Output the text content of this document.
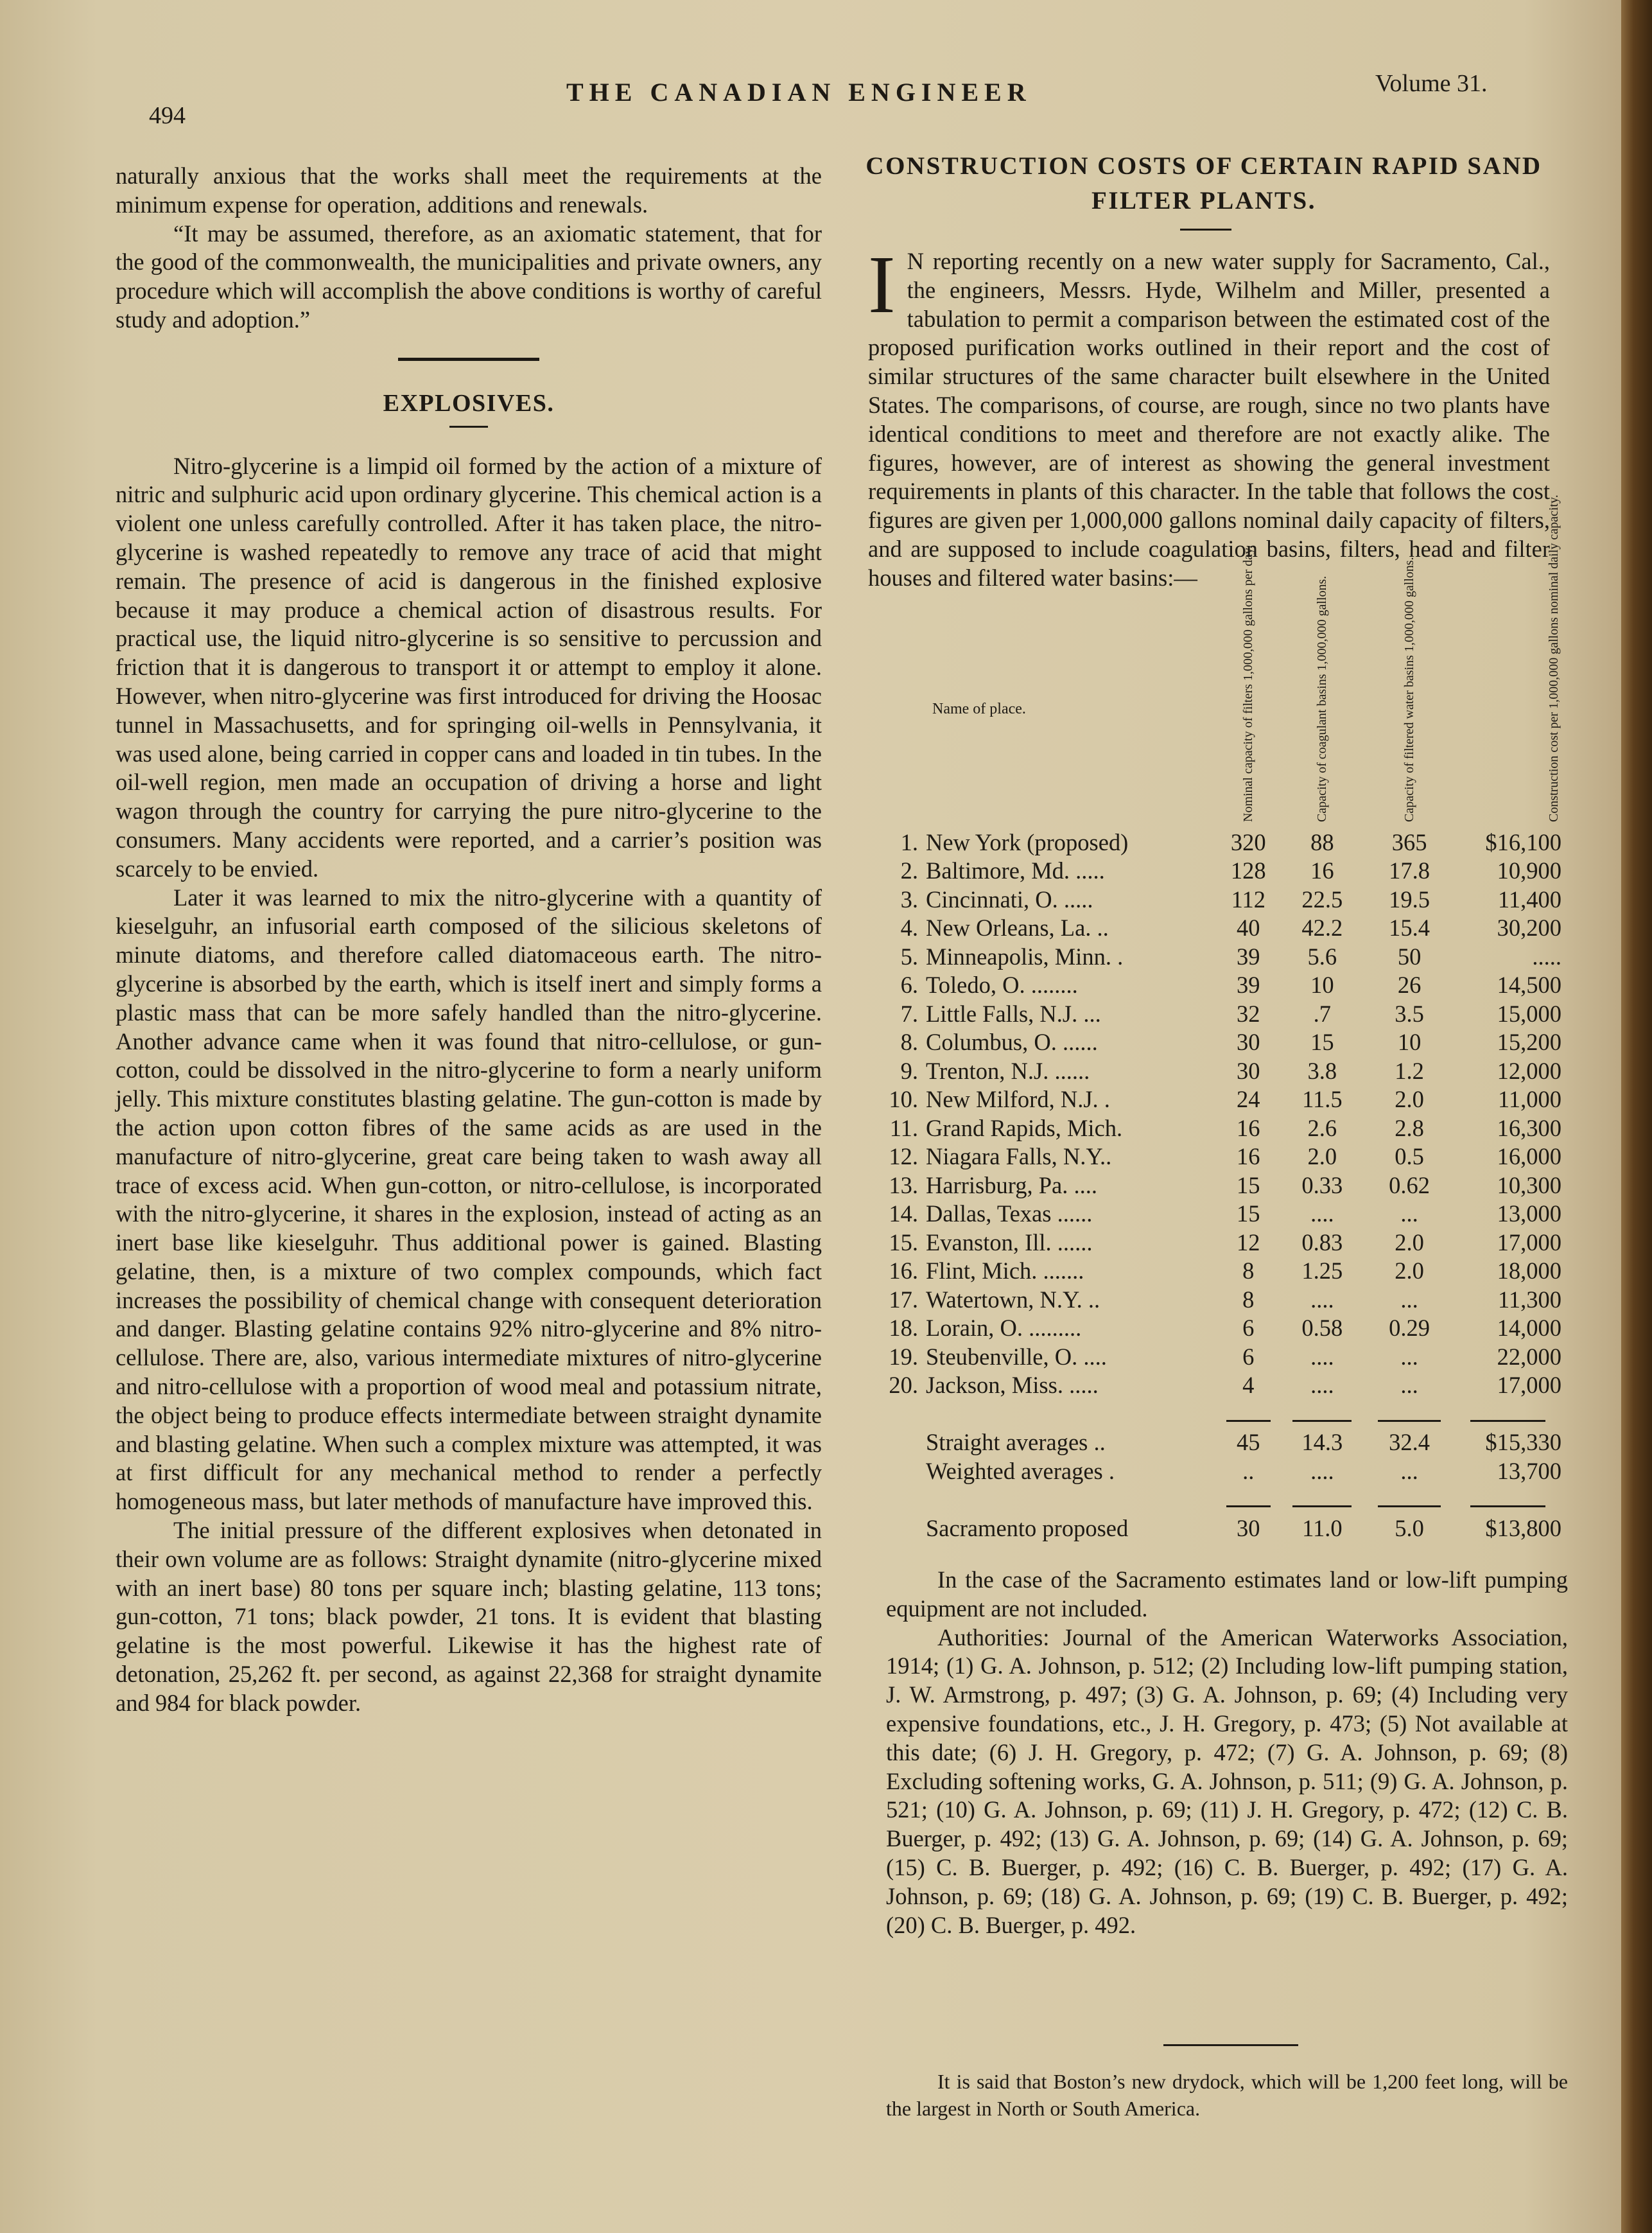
494
THE CANADIAN ENGINEER	Volume 31.

naturally anxious that the works shall meet the requirements at the minimum expense for operation, additions and renewals.

“It may be assumed, therefore, as an axiomatic statement, that for the good of the commonwealth, the municipalities and private owners, any procedure which will accomplish the above conditions is worthy of careful study and adoption.”

EXPLOSIVES.

Nitro-glycerine is a limpid oil formed by the action of a mixture of nitric and sulphuric acid upon ordinary glycerine. This chemical action is a violent one unless carefully controlled. After it has taken place, the nitro-glycerine is washed repeatedly to remove any trace of acid that might remain. The presence of acid is dangerous in the finished explosive because it may produce a chemical action of disastrous results. For practical use, the liquid nitro-glycerine is so sensitive to percussion and friction that it is dangerous to transport it or attempt to employ it alone. However, when nitro-glycerine was first introduced for driving the Hoosac tunnel in Massachusetts, and for springing oil-wells in Pennsylvania, it was used alone, being carried in copper cans and loaded in tin tubes. In the oil-well region, men made an occupation of driving a horse and light wagon through the country for carrying the pure nitro-glycerine to the consumers. Many accidents were reported, and a carrier’s position was scarcely to be envied.

Later it was learned to mix the nitro-glycerine with a quantity of kieselguhr, an infusorial earth composed of the silicious skeletons of minute diatoms, and therefore called diatomaceous earth. The nitro-glycerine is absorbed by the earth, which is itself inert and simply forms a plastic mass that can be more safely handled than the nitro-glycerine. Another advance came when it was found that nitro-cellulose, or gun-cotton, could be dissolved in the nitro-glycerine to form a nearly uniform jelly. This mixture constitutes blasting gelatine. The gun-cotton is made by the action upon cotton fibres of the same acids as are used in the manufacture of nitro-glycerine, great care being taken to wash away all trace of excess acid. When gun-cotton, or nitro-cellulose, is incorporated with the nitro-glycerine, it shares in the explosion, instead of acting as an inert base like kieselguhr. Thus additional power is gained. Blasting gelatine, then, is a mixture of two complex compounds, which fact increases the possibility of chemical change with consequent deterioration and danger. Blasting gelatine contains 92% nitro-glycerine and 8% nitro-cellulose. There are, also, various intermediate mixtures of nitro-glycerine and nitro-cellulose with a proportion of wood meal and potassium nitrate, the object being to produce effects intermediate between straight dynamite and blasting gelatine. When such a complex mixture was attempted, it was at first difficult for any mechanical method to render a perfectly homogeneous mass, but later methods of manufacture have improved this.

The initial pressure of the different explosives when detonated in their own volume are as follows: Straight dynamite (nitro-glycerine mixed with an inert base) 80 tons per square inch; blasting gelatine, 113 tons; gun-cotton, 71 tons; black powder, 21 tons. It is evident that blasting gelatine is the most powerful. Likewise it has the highest rate of detonation, 25,262 ft. per second, as against 22,368 for straight dynamite and 984 for black powder.

CONSTRUCTION COSTS OF CERTAIN RAPID SAND FILTER PLANTS.
I N reporting recently on a new water supply for Sacramento, Cal., the engineers, Messrs. Hyde, Wilhelm and Miller, presented a tabulation to permit a comparison between the estimated cost of the proposed purification works outlined in their report and the cost of similar structures of the same character built elsewhere in the United States. The comparisons, of course, are rough, since no two plants have identical conditions to meet and therefore are not exactly alike. The figures, however, are of interest as showing the general investment requirements in plants of this character. In the table that follows the cost figures are given per 1,000,000 gallons nominal daily capacity of filters, and are supposed to include coagulation basins, filters, head and filter houses and filtered water basins:—

Name of place.	Nominal capacity of filters 1,000,000 gallons per day.	Capacity of coagulant basins 1,000,000 gallons.	Capacity of filtered water basins 1,000,000 gallons.	Construction cost per 1,000,000 gallons nominal daily capacity.
1. New York (proposed)	320	88	365	$16,100
2. Baltimore, Md. .....	128	16	17.8	10,900
3. Cincinnati, O. .....	112	22.5	19.5	11,400
4. New Orleans, La. ..	40	42.2	15.4	30,200
5. Minneapolis, Minn. .	39	5.6	50	.....
6. Toledo, O. ........	39	10	26	14,500
7. Little Falls, N.J. ...	32	.7	3.5	15,000
8. Columbus, O. ......	30	15	10	15,200
9. Trenton, N.J. ......	30	3.8	1.2	12,000
10. New Milford, N.J. .	24	11.5	2.0	11,000
11. Grand Rapids, Mich.	16	2.6	2.8	16,300
12. Niagara Falls, N.Y..	16	2.0	0.5	16,000
13. Harrisburg, Pa. ....	15	0.33	0.62	10,300
14. Dallas, Texas ......	15	....	...	13,000
15. Evanston, Ill. ......	12	0.83	2.0	17,000
16. Flint, Mich. .......	8	1.25	2.0	18,000
17. Watertown, N.Y. ..	8	....	...	11,300
18. Lorain, O. .........	6	0.58	0.29	14,000
19. Steubenville, O. ....	6	....	...	22,000
20. Jackson, Miss. .....	4	....	...	17,000

Straight averages ..	45	14.3	32.4	$15,330
Weighted averages .	..	....	...	13,700

Sacramento proposed	30	11.0	5.0	$13,800

In the case of the Sacramento estimates land or low-lift pumping equipment are not included.

Authorities: Journal of the American Waterworks Association, 1914; (1) G. A. Johnson, p. 512; (2) Including low-lift pumping station, J. W. Armstrong, p. 497; (3) G. A. Johnson, p. 69; (4) Including very expensive foundations, etc., J. H. Gregory, p. 473; (5) Not available at this date; (6) J. H. Gregory, p. 472; (7) G. A. Johnson, p. 69; (8) Excluding softening works, G. A. Johnson, p. 511; (9) G. A. Johnson, p. 521; (10) G. A. Johnson, p. 69; (11) J. H. Gregory, p. 472; (12) C. B. Buerger, p. 492; (13) G. A. Johnson, p. 69; (14) G. A. Johnson, p. 69; (15) C. B. Buerger, p. 492; (16) C. B. Buerger, p. 492; (17) G. A. Johnson, p. 69; (18) G. A. Johnson, p. 69; (19) C. B. Buerger, p. 492; (20) C. B. Buerger, p. 492.

It is said that Boston’s new drydock, which will be 1,200 feet long, will be the largest in North or South America.
